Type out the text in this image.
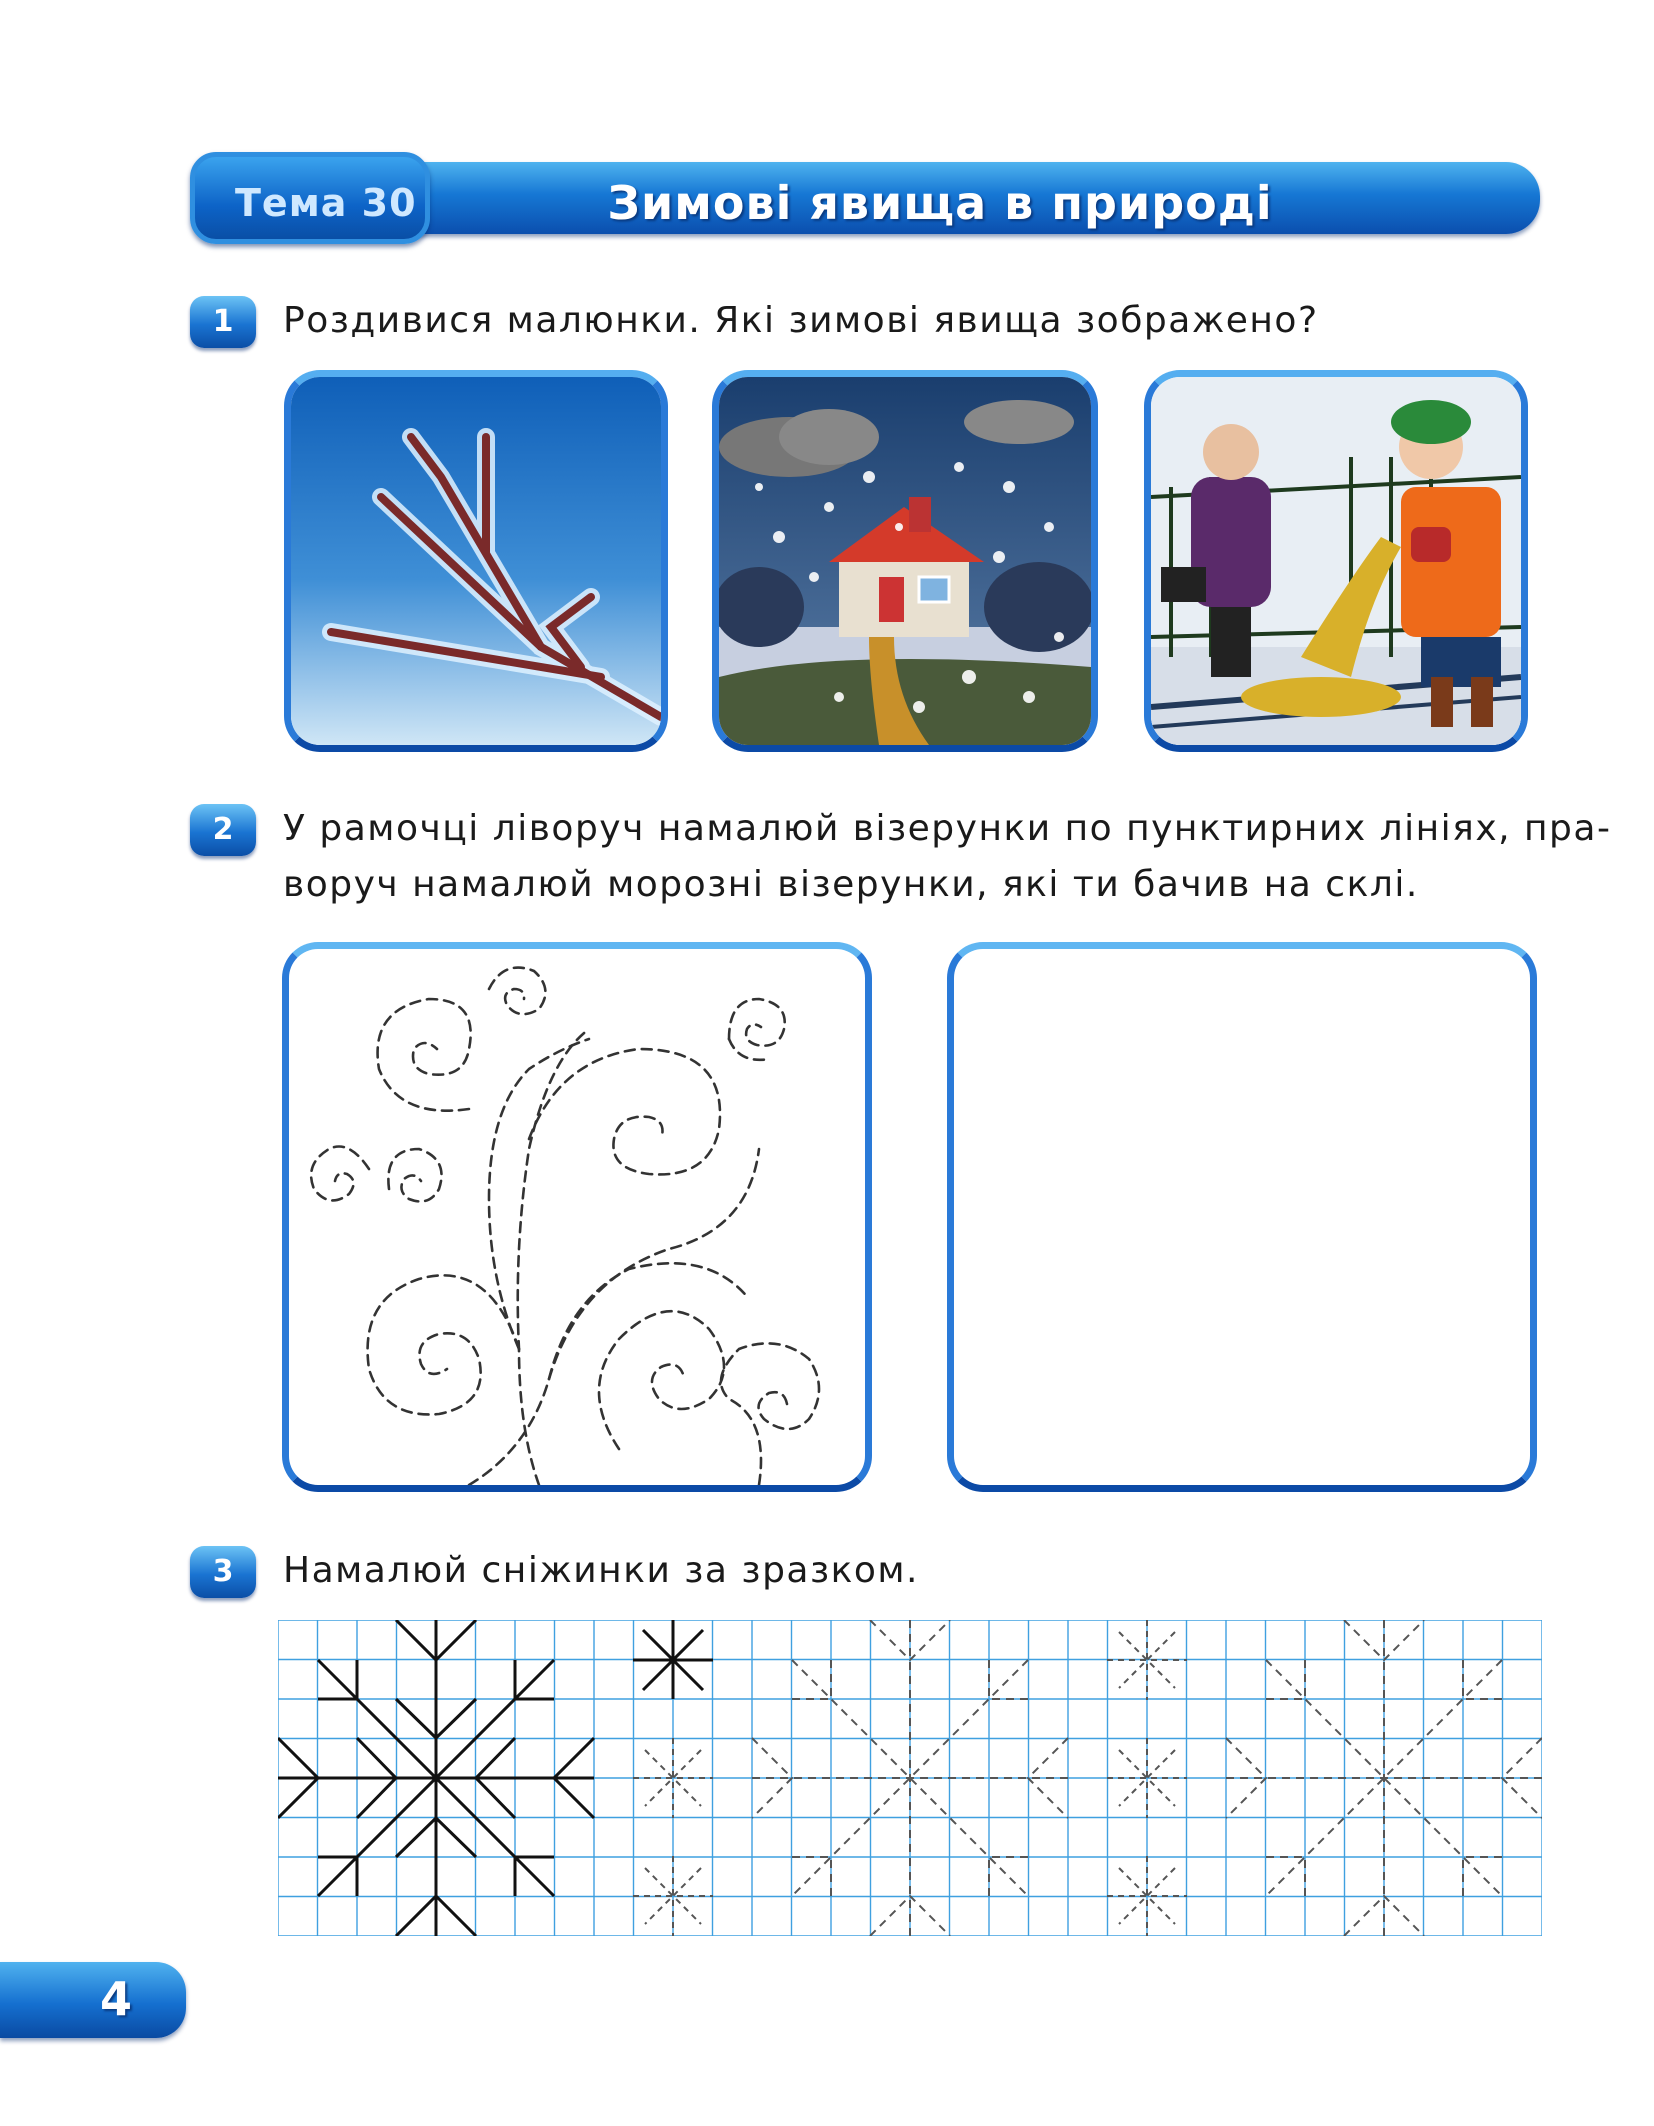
Зимові явища в природі
Тема 30
1	Роздивися малюнки. Які зимові явища зображено?
2	У рамочці ліворуч намалюй візерунки по пунктирних лініях, пра-
воруч намалюй морозні візерунки, які ти бачив на склі.
3	Намалюй сніжинки за зразком.
4
